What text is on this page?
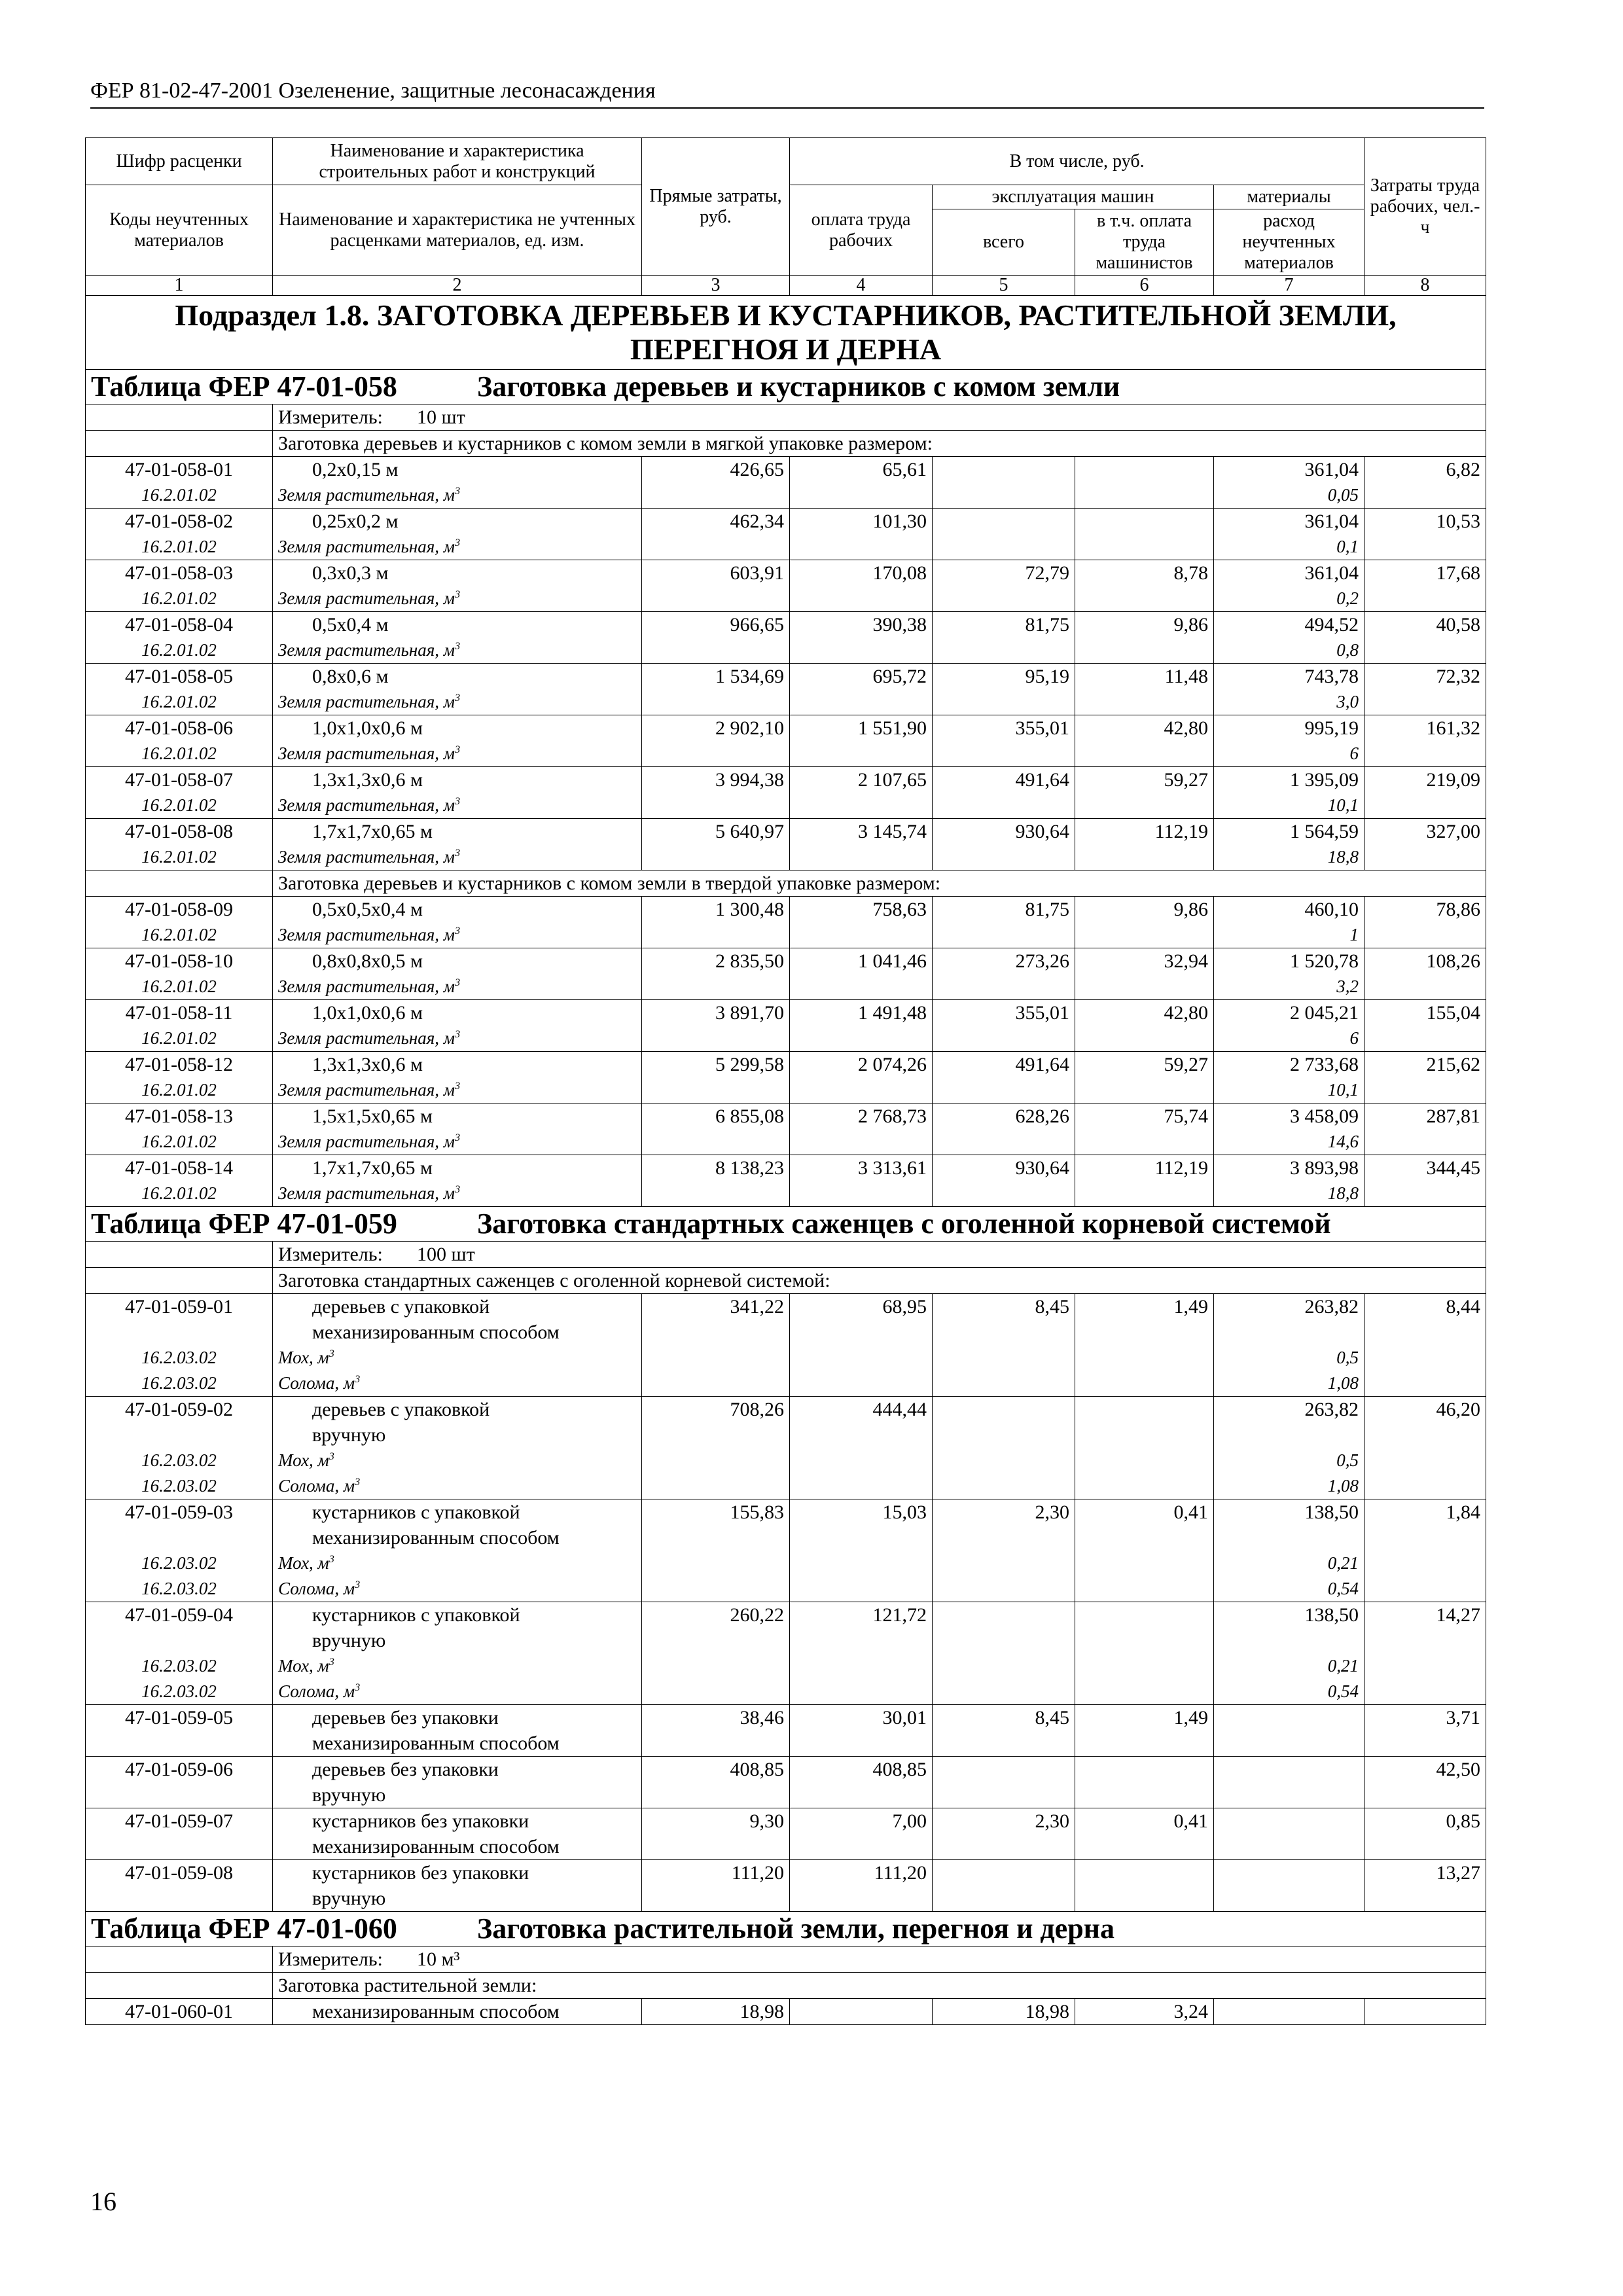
ФЕР 81-02-47-2001 Озеленение, защитные лесонасаждения
Шифр расценки	Наименование и характеристика строительных работ и конструкций	Прямые затраты, руб.	В том числе, руб.				Затраты труда рабочих, чел.-ч
Коды неучтенных материалов	Наименование и характеристика не учтенных расценками материалов, ед. изм.		оплата труда рабочих	эксплуатация машин		материалы	
				всего	в т.ч. оплата труда машинистов	расход неучтенных материалов	
1	2	3	4	5	6	7	8
Подраздел 1.8. ЗАГОТОВКА ДЕРЕВЬЕВ И КУСТАРНИКОВ, РАСТИТЕЛЬНОЙ ЗЕМЛИ, ПЕРЕГНОЯ И ДЕРНА							
Таблица ФЕР 47-01-058 Заготовка деревьев и кустарников с комом земли							
	Измеритель: 10 шт						
	Заготовка деревьев и кустарников с комом земли в мягкой упаковке размером:						
47-01-058-01	0,2х0,15 м	426,65	65,61			361,04	6,82
16.2.01.02	Земля растительная, $м^3$					0,05	
47-01-058-02	0,25х0,2 м	462,34	101,30			361,04	10,53
16.2.01.02	Земля растительная, $м^3$					0,1	
47-01-058-03	0,3х0,3 м	603,91	170,08	72,79	8,78	361,04	17,68
16.2.01.02	Земля растительная, $м^3$					0,2	
47-01-058-04	0,5х0,4 м	966,65	390,38	81,75	9,86	494,52	40,58
16.2.01.02	Земля растительная, $м^3$					0,8	
47-01-058-05	0,8х0,6 м	1 534,69	695,72	95,19	11,48	743,78	72,32
16.2.01.02	Земля растительная, $м^3$					3,0	
47-01-058-06	1,0х1,0х0,6 м	2 902,10	1 551,90	355,01	42,80	995,19	161,32
16.2.01.02	Земля растительная, $м^3$					6	
47-01-058-07	1,3х1,3х0,6 м	3 994,38	2 107,65	491,64	59,27	1 395,09	219,09
16.2.01.02	Земля растительная, $м^3$					10,1	
47-01-058-08	1,7х1,7х0,65 м	5 640,97	3 145,74	930,64	112,19	1 564,59	327,00
16.2.01.02	Земля растительная, $м^3$					18,8	
	Заготовка деревьев и кустарников с комом земли в твердой упаковке размером:						
47-01-058-09	0,5х0,5х0,4 м	1 300,48	758,63	81,75	9,86	460,10	78,86
16.2.01.02	Земля растительная, $м^3$					1	
47-01-058-10	0,8х0,8х0,5 м	2 835,50	1 041,46	273,26	32,94	1 520,78	108,26
16.2.01.02	Земля растительная, $м^3$					3,2	
47-01-058-11	1,0х1,0х0,6 м	3 891,70	1 491,48	355,01	42,80	2 045,21	155,04
16.2.01.02	Земля растительная, $м^3$					6	
47-01-058-12	1,3х1,3х0,6 м	5 299,58	2 074,26	491,64	59,27	2 733,68	215,62
16.2.01.02	Земля растительная, $м^3$					10,1	
47-01-058-13	1,5х1,5х0,65 м	6 855,08	2 768,73	628,26	75,74	3 458,09	287,81
16.2.01.02	Земля растительная, $м^3$					14,6	
47-01-058-14	1,7х1,7х0,65 м	8 138,23	3 313,61	930,64	112,19	3 893,98	344,45
16.2.01.02	Земля растительная, $м^3$					18,8	
Таблица ФЕР 47-01-059 Заготовка стандартных саженцев с оголенной корневой системой							
	Измеритель: 100 шт						
	Заготовка стандартных саженцев с оголенной корневой системой:						
47-01-059-01	деревьев с упаковкой	341,22	68,95	8,45	1,49	263,82	8,44
	механизированным способом						
16.2.03.02	Мох, $м^3$					0,5	
16.2.03.02	Солома, $м^3$					1,08	
47-01-059-02	деревьев с упаковкой	708,26	444,44			263,82	46,20
	вручную						
16.2.03.02	Мох, $м^3$					0,5	
16.2.03.02	Солома, $м^3$					1,08	
47-01-059-03	кустарников с упаковкой	155,83	15,03	2,30	0,41	138,50	1,84
	механизированным способом						
16.2.03.02	Мох, $м^3$					0,21	
16.2.03.02	Солома, $м^3$					0,54	
47-01-059-04	кустарников с упаковкой	260,22	121,72			138,50	14,27
	вручную						
16.2.03.02	Мох, $м^3$					0,21	
16.2.03.02	Солома, $м^3$					0,54	
47-01-059-05	деревьев без упаковки	38,46	30,01	8,45	1,49		3,71
	механизированным способом						
47-01-059-06	деревьев без упаковки	408,85	408,85				42,50
	вручную						
47-01-059-07	кустарников без упаковки	9,30	7,00	2,30	0,41		0,85
	механизированным способом						
47-01-059-08	кустарников без упаковки	111,20	111,20				13,27
	вручную						
Таблица ФЕР 47-01-060 Заготовка растительной земли, перегноя и дерна							
	Измеритель: 10 м³						
	Заготовка растительной земли:						
47-01-060-01	механизированным способом	18,98		18,98	3,24		
16
